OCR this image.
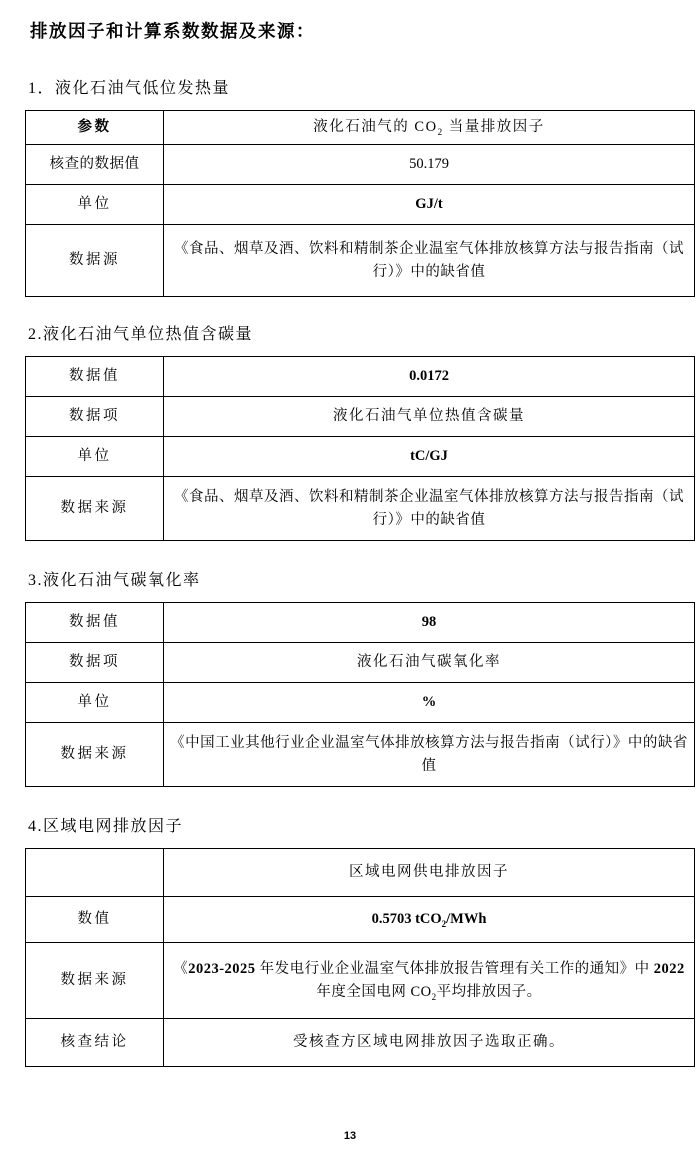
排放因子和计算系数数据及来源：
1．液化石油气低位发热量
参数	液化石油气的 $CO_2$ 当量排放因子
核查的数据值	50.179
单位	GJ/t
数据源	《食品、烟草及酒、饮料和精制茶企业温室气体排放核算方法与报告指南（试行）》中的缺省值
2.液化石油气单位热值含碳量
数据值	0.0172
数据项	液化石油气单位热值含碳量
单位	tC/GJ
数据来源	《食品、烟草及酒、饮料和精制茶企业温室气体排放核算方法与报告指南（试行）》中的缺省值
3.液化石油气碳氧化率
数据值	98
数据项	液化石油气碳氧化率
单位	%
数据来源	《中国工业其他行业企业温室气体排放核算方法与报告指南（试行）》中的缺省值
4.区域电网排放因子
	区域电网供电排放因子
数值	0.5703 tCO$_2$/MWh
数据来源	《2023-2025 年发电行业企业温室气体排放报告管理有关工作的通知》中 2022 年度全国电网 $CO_2$平均排放因子。
核查结论	受核查方区域电网排放因子选取正确。
13
